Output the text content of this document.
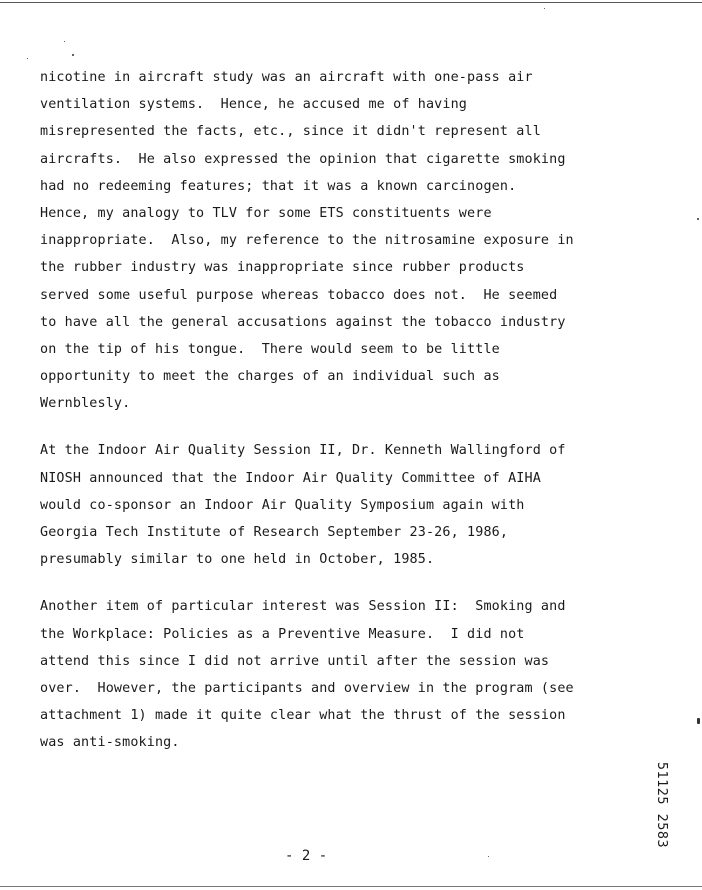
nicotine in aircraft study was an aircraft with one-pass air
ventilation systems.  Hence, he accused me of having
misrepresented the facts, etc., since it didn't represent all
aircrafts.  He also expressed the opinion that cigarette smoking
had no redeeming features; that it was a known carcinogen.
Hence, my analogy to TLV for some ETS constituents were
inappropriate.  Also, my reference to the nitrosamine exposure in
the rubber industry was inappropriate since rubber products
served some useful purpose whereas tobacco does not.  He seemed
to have all the general accusations against the tobacco industry
on the tip of his tongue.  There would seem to be little
opportunity to meet the charges of an individual such as
Wernblesly.
At the Indoor Air Quality Session II, Dr. Kenneth Wallingford of
NIOSH announced that the Indoor Air Quality Committee of AIHA
would co-sponsor an Indoor Air Quality Symposium again with
Georgia Tech Institute of Research September 23-26, 1986,
presumably similar to one held in October, 1985.
Another item of particular interest was Session II:  Smoking and
the Workplace: Policies as a Preventive Measure.  I did not
attend this since I did not arrive until after the session was
over.  However, the participants and overview in the program (see
attachment 1) made it quite clear what the thrust of the session
was anti-smoking.
- 2 -
51125 2583
